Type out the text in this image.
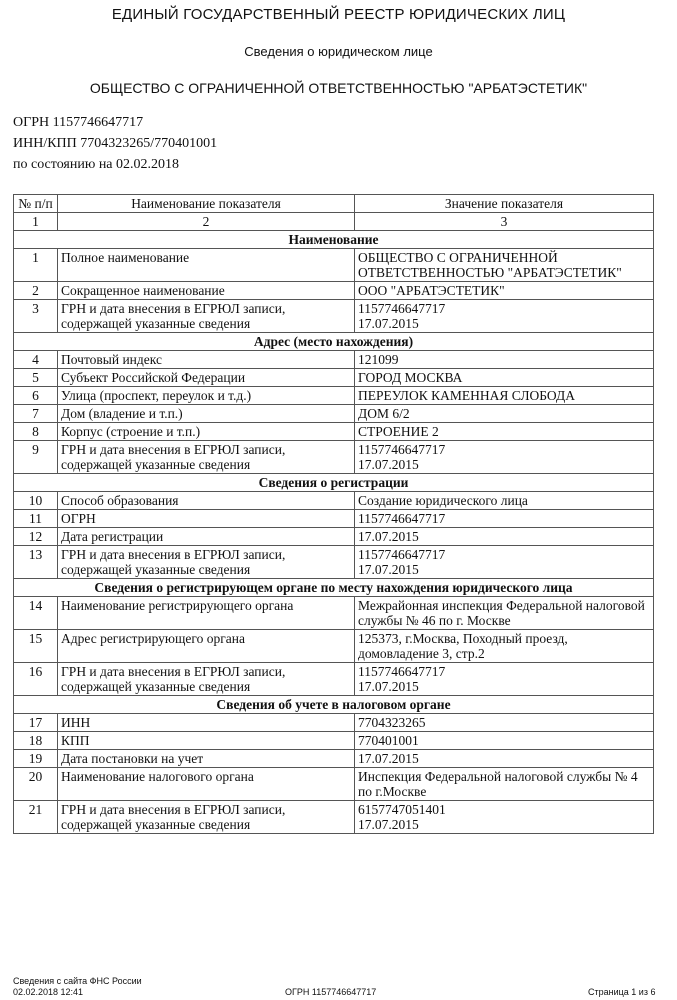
ЕДИНЫЙ ГОСУДАРСТВЕННЫЙ РЕЕСТР ЮРИДИЧЕСКИХ ЛИЦ
Сведения о юридическом лице
ОБЩЕСТВО С ОГРАНИЧЕННОЙ ОТВЕТСТВЕННОСТЬЮ "АРБАТЭСТЕТИК"
ОГРН 1157746647717
ИНН/КПП 7704323265/770401001
по состоянию на 02.02.2018
№ п/п	Наименование показателя	Значение показателя
1	2	3
Наименование		
1	Полное наименование	ОБЩЕСТВО С ОГРАНИЧЕННОЙ ОТВЕТСТВЕННОСТЬЮ "АРБАТЭСТЕТИК"
2	Сокращенное наименование	ООО "АРБАТЭСТЕТИК"
3	ГРН и дата внесения в ЕГРЮЛ записи, содержащей указанные сведения	1157746647717
17.07.2015
Адрес (место нахождения)		
4	Почтовый индекс	121099
5	Субъект Российской Федерации	ГОРОД МОСКВА
6	Улица (проспект, переулок и т.д.)	ПЕРЕУЛОК КАМЕННАЯ СЛОБОДА
7	Дом (владение и т.п.)	ДОМ 6/2
8	Корпус (строение и т.п.)	СТРОЕНИЕ 2
9	ГРН и дата внесения в ЕГРЮЛ записи, содержащей указанные сведения	1157746647717
17.07.2015
Сведения о регистрации		
10	Способ образования	Создание юридического лица
11	ОГРН	1157746647717
12	Дата регистрации	17.07.2015
13	ГРН и дата внесения в ЕГРЮЛ записи, содержащей указанные сведения	1157746647717
17.07.2015
Сведения о регистрирующем органе по месту нахождения юридического лица		
14	Наименование регистрирующего органа	Межрайонная инспекция Федеральной налоговой службы № 46 по г. Москве
15	Адрес регистрирующего органа	125373, г.Москва, Походный проезд, домовладение 3, стр.2
16	ГРН и дата внесения в ЕГРЮЛ записи, содержащей указанные сведения	1157746647717
17.07.2015
Сведения об учете в налоговом органе		
17	ИНН	7704323265
18	КПП	770401001
19	Дата постановки на учет	17.07.2015
20	Наименование налогового органа	Инспекция Федеральной налоговой службы № 4 по г.Москве
21	ГРН и дата внесения в ЕГРЮЛ записи, содержащей указанные сведения	6157747051401
17.07.2015
Сведения с сайта ФНС России
02.02.2018 12:41	ОГРН 1157746647717	Страница 1 из 6
